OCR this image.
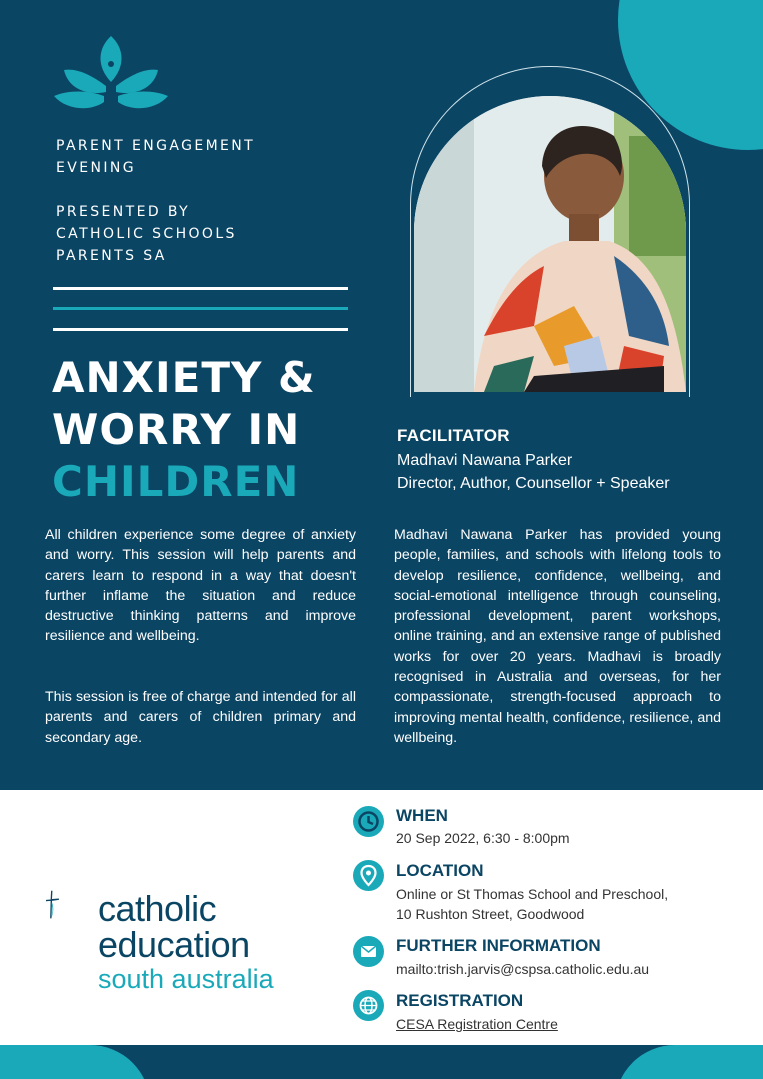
PARENT ENGAGEMENT
EVENING
PRESENTED BY
CATHOLIC SCHOOLS
PARENTS SA
ANXIETY &
WORRY IN
CHILDREN
FACILITATOR
Madhavi Nawana Parker
Director, Author, Counsellor + Speaker
All children experience some degree of anxiety and worry. This session will help parents and carers learn to respond in a way that doesn't further inflame the situation and reduce destructive thinking patterns and improve resilience and wellbeing.
This session is free of charge and intended for all parents and carers of children primary and secondary age.
Madhavi Nawana Parker has provided young people, families, and schools with lifelong tools to develop resilience, confidence, wellbeing, and social-emotional intelligence through counseling, professional development, parent workshops, online training, and an extensive range of published works for over 20 years. Madhavi is broadly recognised in Australia and overseas, for her compassionate, strength-focused approach to improving mental health, confidence, resilience, and wellbeing.
catholic
education
south australia
WHEN
20 Sep 2022, 6:30 - 8:00pm
LOCATION
Online or St Thomas School and Preschool,
10 Rushton Street, Goodwood
FURTHER INFORMATION
mailto:trish.jarvis@cspsa.catholic.edu.au
REGISTRATION
CESA Registration Centre
